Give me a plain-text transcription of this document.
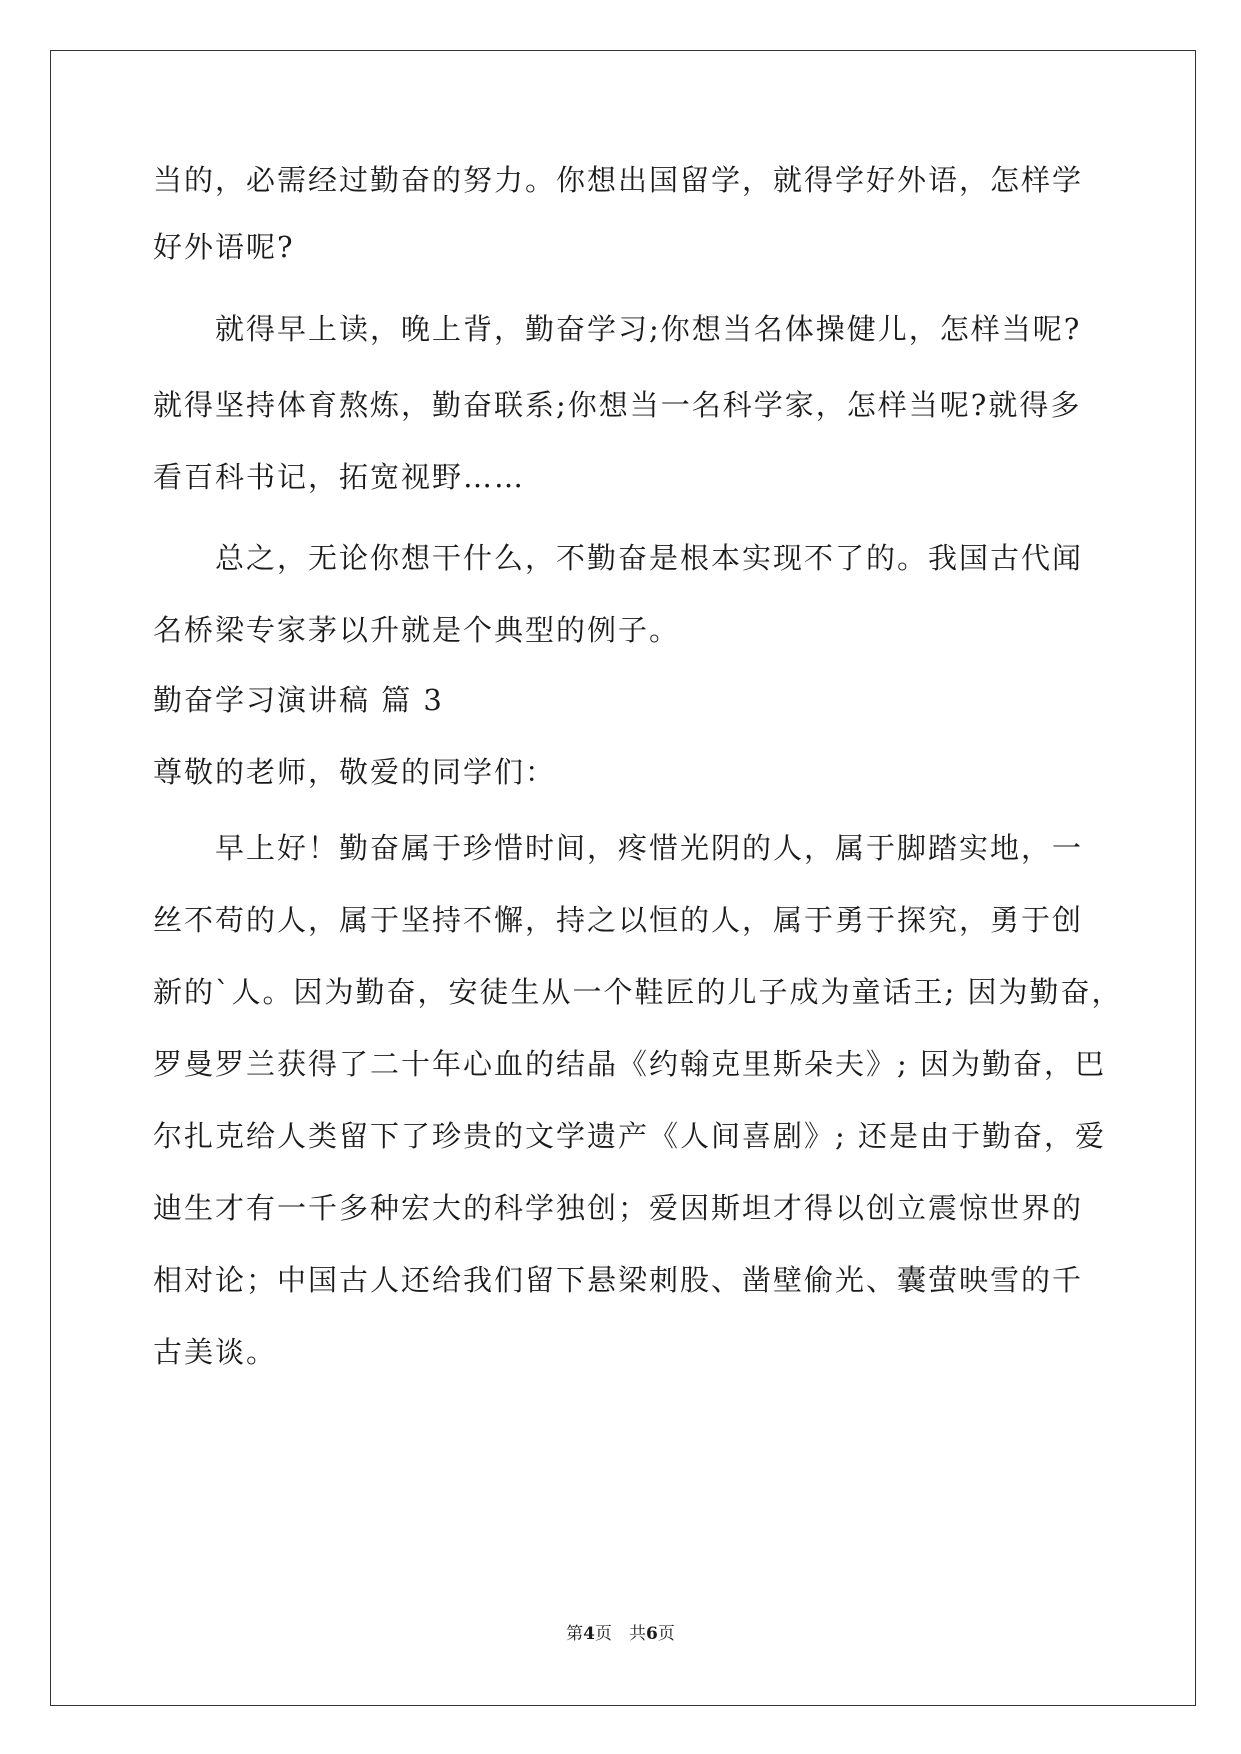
当的，必需经过勤奋的努力。你想出国留学，就得学好外语，怎样学
好外语呢?
　　就得早上读，晚上背，勤奋学习;你想当名体操健儿，怎样当呢?
就得坚持体育熬炼，勤奋联系;你想当一名科学家，怎样当呢?就得多
看百科书记，拓宽视野……
　　总之，无论你想干什么，不勤奋是根本实现不了的。我国古代闻
名桥梁专家茅以升就是个典型的例子。
勤奋学习演讲稿 篇 3
尊敬的老师，敬爱的同学们：
　　早上好！勤奋属于珍惜时间，疼惜光阴的人，属于脚踏实地，一
丝不苟的人，属于坚持不懈，持之以恒的人，属于勇于探究，勇于创
新的`人。因为勤奋，安徒生从一个鞋匠的儿子成为童话王; 因为勤奋，
罗曼罗兰获得了二十年心血的结晶《约翰克里斯朵夫》; 因为勤奋，巴
尔扎克给人类留下了珍贵的文学遗产《人间喜剧》; 还是由于勤奋，爱
迪生才有一千多种宏大的科学独创；爱因斯坦才得以创立震惊世界的
相对论；中国古人还给我们留下悬梁刺股、凿壁偷光、囊萤映雪的千
古美谈。
第4页　共6页
